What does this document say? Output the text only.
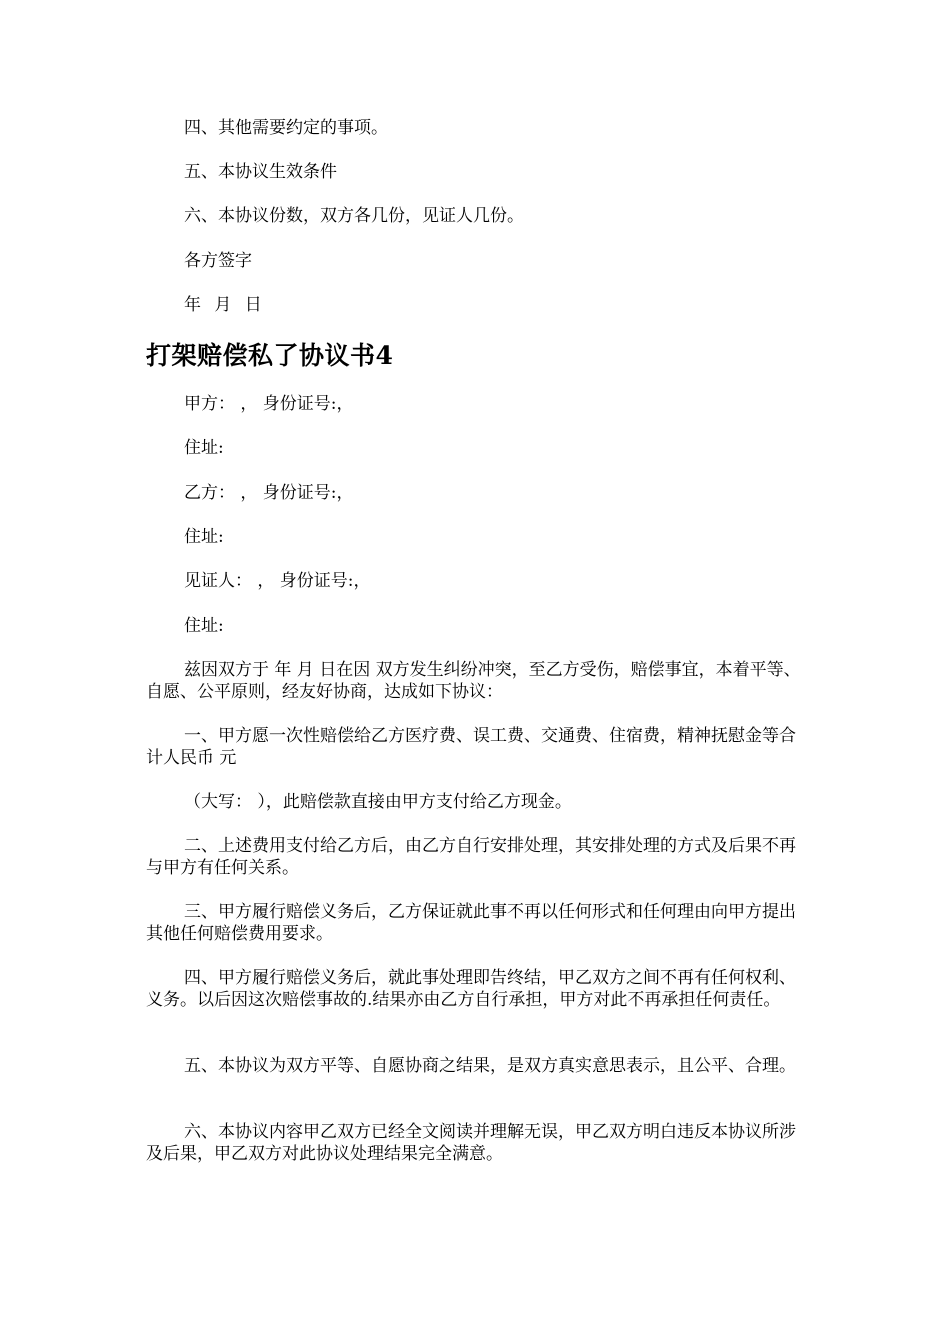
四、其他需要约定的事项。
五、本协议生效条件
六、本协议份数，双方各几份，见证人几份。
各方签字
年 月 日
打架赔偿私了协议书4
甲方： ， 身份证号:，
住址:
乙方： ， 身份证号:，
住址:
见证人： ， 身份证号:，
住址:
兹因双方于 年 月 日在因 双方发生纠纷冲突，至乙方受伤，赔偿事宜，本着平等、自愿、公平原则，经友好协商，达成如下协议：
一、甲方愿一次性赔偿给乙方医疗费、误工费、交通费、住宿费，精神抚慰金等合计人民币 元
（大写： ），此赔偿款直接由甲方支付给乙方现金。
二、上述费用支付给乙方后，由乙方自行安排处理，其安排处理的方式及后果不再与甲方有任何关系。
三、甲方履行赔偿义务后，乙方保证就此事不再以任何形式和任何理由向甲方提出其他任何赔偿费用要求。
四、甲方履行赔偿义务后，就此事处理即告终结，甲乙双方之间不再有任何权利、义务。以后因这次赔偿事故的.结果亦由乙方自行承担，甲方对此不再承担任何责任。
五、本协议为双方平等、自愿协商之结果，是双方真实意思表示，且公平、合理。
六、本协议内容甲乙双方已经全文阅读并理解无误，甲乙双方明白违反本协议所涉及后果，甲乙双方对此协议处理结果完全满意。
